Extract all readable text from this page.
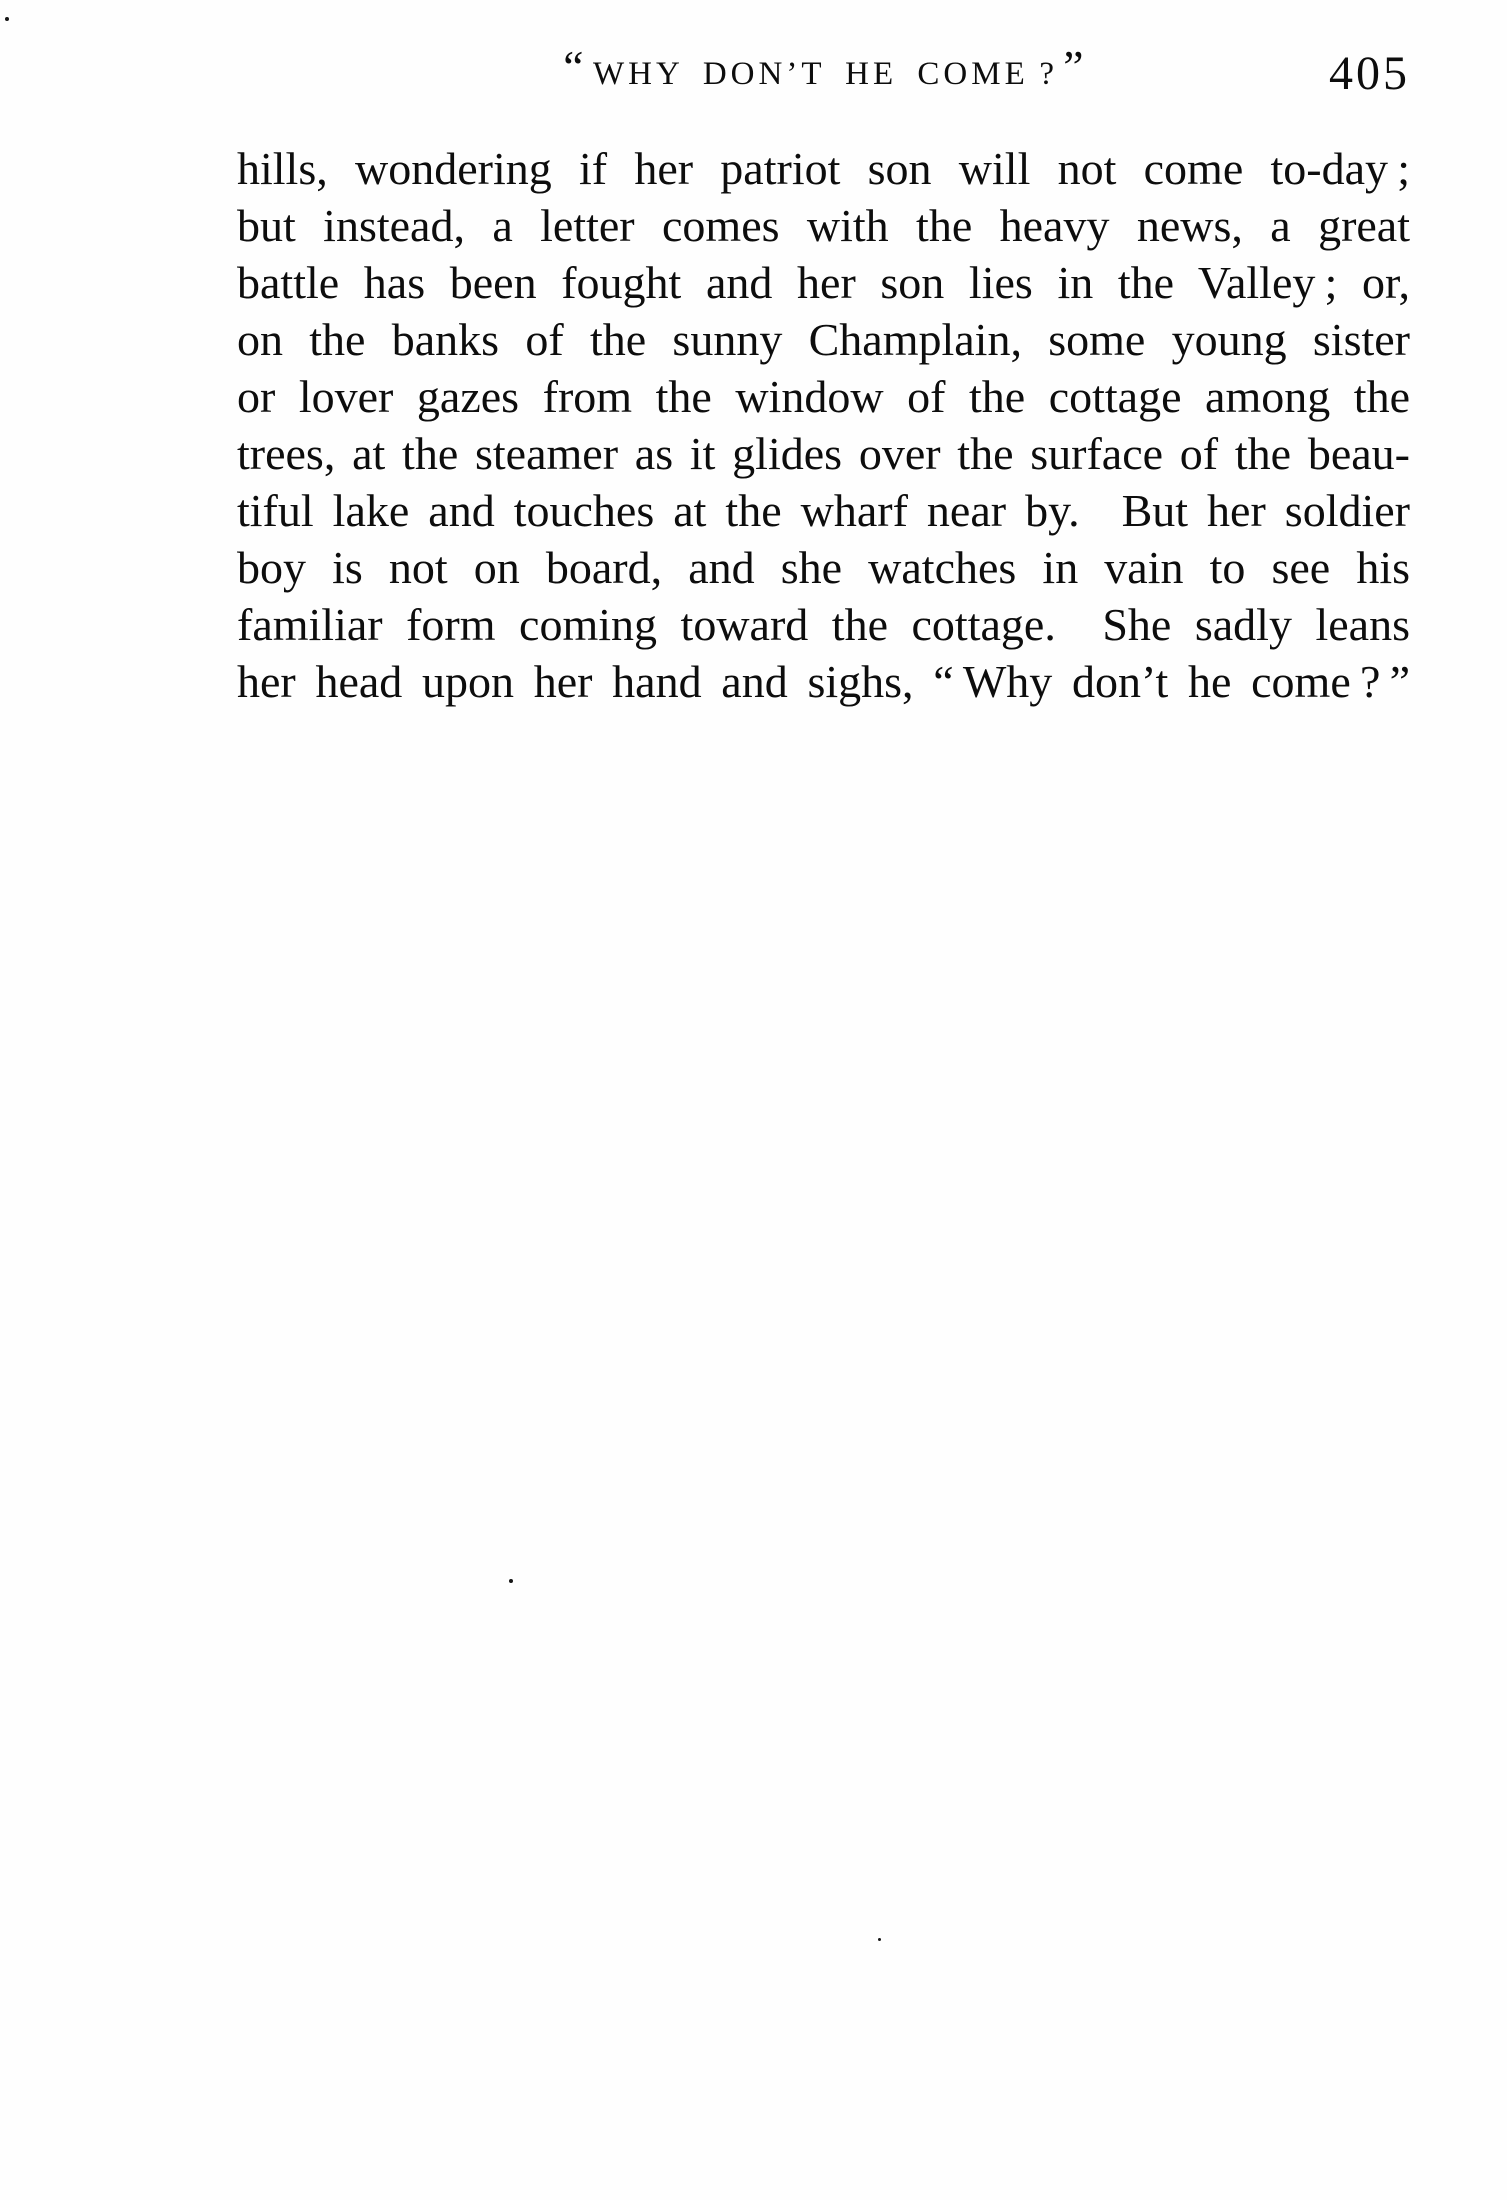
“ WHY DON’T HE COME ? ”	405
hills, wondering if her patriot son will not come to-day ;
but instead, a letter comes with the heavy news, a great
battle has been fought and her son lies in the Valley ; or,
on the banks of the sunny Champlain, some young sister
or lover gazes from the window of the cottage among the
trees, at the steamer as it glides over the surface of the beau-
tiful lake and touches at the wharf near by.  But her soldier
boy is not on board, and she watches in vain to see his
familiar form coming toward the cottage.  She sadly leans
her head upon her hand and sighs, “ Why don’t he come ? ”
